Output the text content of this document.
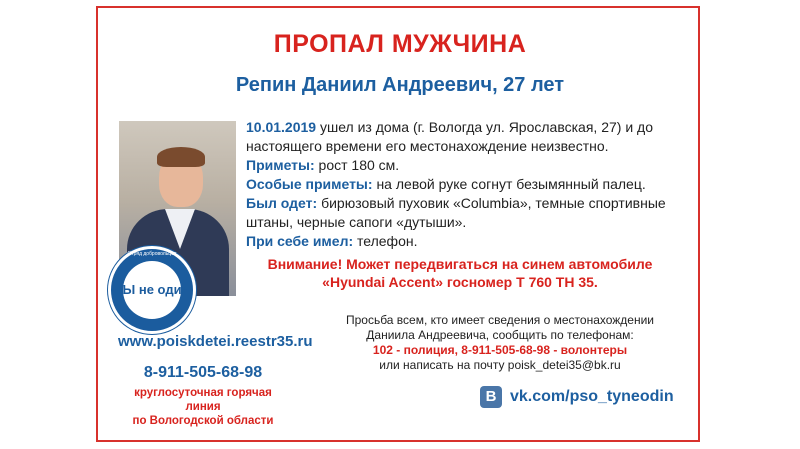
ПРОПАЛ МУЖЧИНА
Репин Даниил Андреевич, 27 лет
Отряд добровольцев
ТЫ не один
10.01.2019 ушел из дома (г. Вологда ул. Ярославская, 27) и до
настоящего времени его местонахождение неизвестно.
Приметы: рост 180 см.
Особые приметы: на левой руке согнут безымянный палец.
Был одет: бирюзовый пуховик «Columbia», темные спортивные
штаны, черные сапоги «дутыши».
При себе имел: телефон.
Внимание! Может передвигаться на синем автомобиле
«Hyundai Accent» госномер Т 760 ТН 35.
Просьба всем, кто имеет сведения о местонахождении
Даниила Андреевича, сообщить по телефонам:
102 - полиция, 8-911-505-68-98 - волонтеры
или написать на почту poisk_detei35@bk.ru
www.poiskdetei.reestr35.ru
8-911-505-68-98
круглосуточная горячая линия
по Вологодской области
B vk.com/pso_tyneodin
